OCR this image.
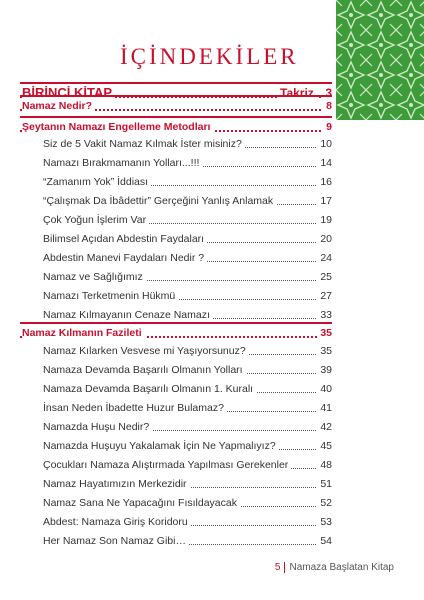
İÇİNDEKİLER
BİRİNCİ KİTAP	Takriz 3
Namaz Nedir?	8
Şeytanın Namazı Engelleme Metodları	9
Siz de 5 Vakit Namaz Kılmak İster misiniz?	10
Namazı Bırakmamanın Yolları...!!!	14
“Zamanım Yok” İddiası	16
“Çalışmak Da İbâdettir” Gerçeğini Yanlış Anlamak	17
Çok Yoğun İşlerim Var	19
Bilimsel Açıdan Abdestin Faydaları	20
Abdestin Manevi Faydaları Nedir ?	24
Namaz ve Sağlığımız	25
Namazı Terketmenin Hükmü	27
Namaz Kılmayanın Cenaze Namazı	33
Namaz Kılmanın Fazileti	35
Namaz Kılarken Vesvese mi Yaşıyorsunuz?	35
Namaza Devamda Başarılı Olmanın Yolları	39
Namaza Devamda Başarılı Olmanın 1. Kuralı	40
İnsan Neden İbadette Huzur Bulamaz?	41
Namazda Huşu Nedir?	42
Namazda Huşuyu Yakalamak İçin Ne Yapmalıyız?	45
Çocukları Namaza Alıştırmada Yapılması Gerekenler	48
Namaz Hayatımızın Merkezidir	51
Namaz Sana Ne Yapacağını Fısıldayacak	52
Abdest: Namaza Giriş Koridoru	53
Her Namaz Son Namaz Gibi…	54
5 Namaza Başlatan Kitap
